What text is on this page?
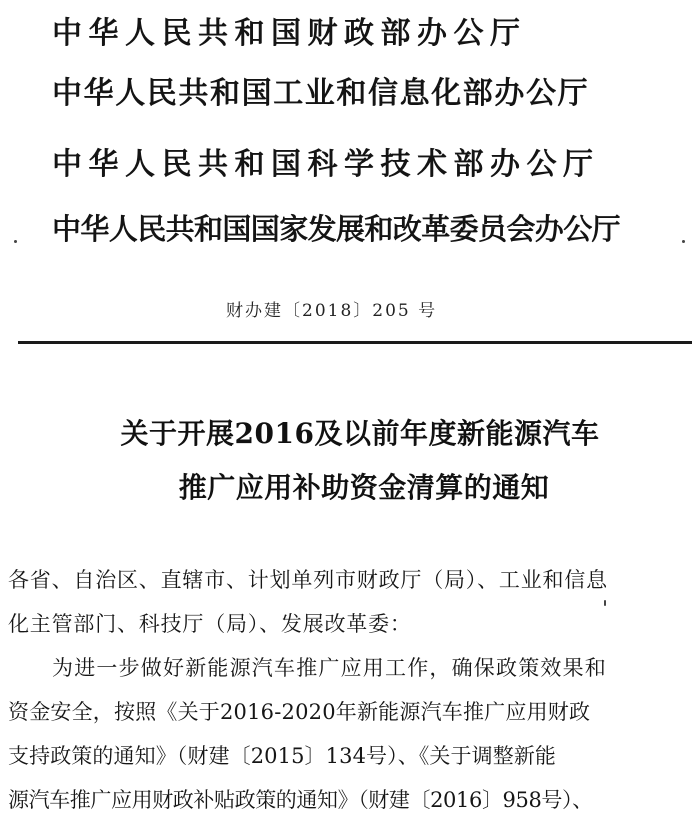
中华人民共和国财政部办公厅
中华人民共和国工业和信息化部办公厅
中华人民共和国科学技术部办公厅
中华人民共和国国家发展和改革委员会办公厅
财办建〔2018〕205 号
关于开展2016及以前年度新能源汽车
推广应用补助资金清算的通知
各省、自治区、直辖市、计划单列市财政厅（局）、工业和信息
化主管部门、科技厅（局）、发展改革委：
为进一步做好新能源汽车推广应用工作，确保政策效果和
资金安全，按照《关于2016-2020年新能源汽车推广应用财政
支持政策的通知》（财建〔2015〕134号）、《关于调整新能
源汽车推广应用财政补贴政策的通知》（财建〔2016〕958号）、
